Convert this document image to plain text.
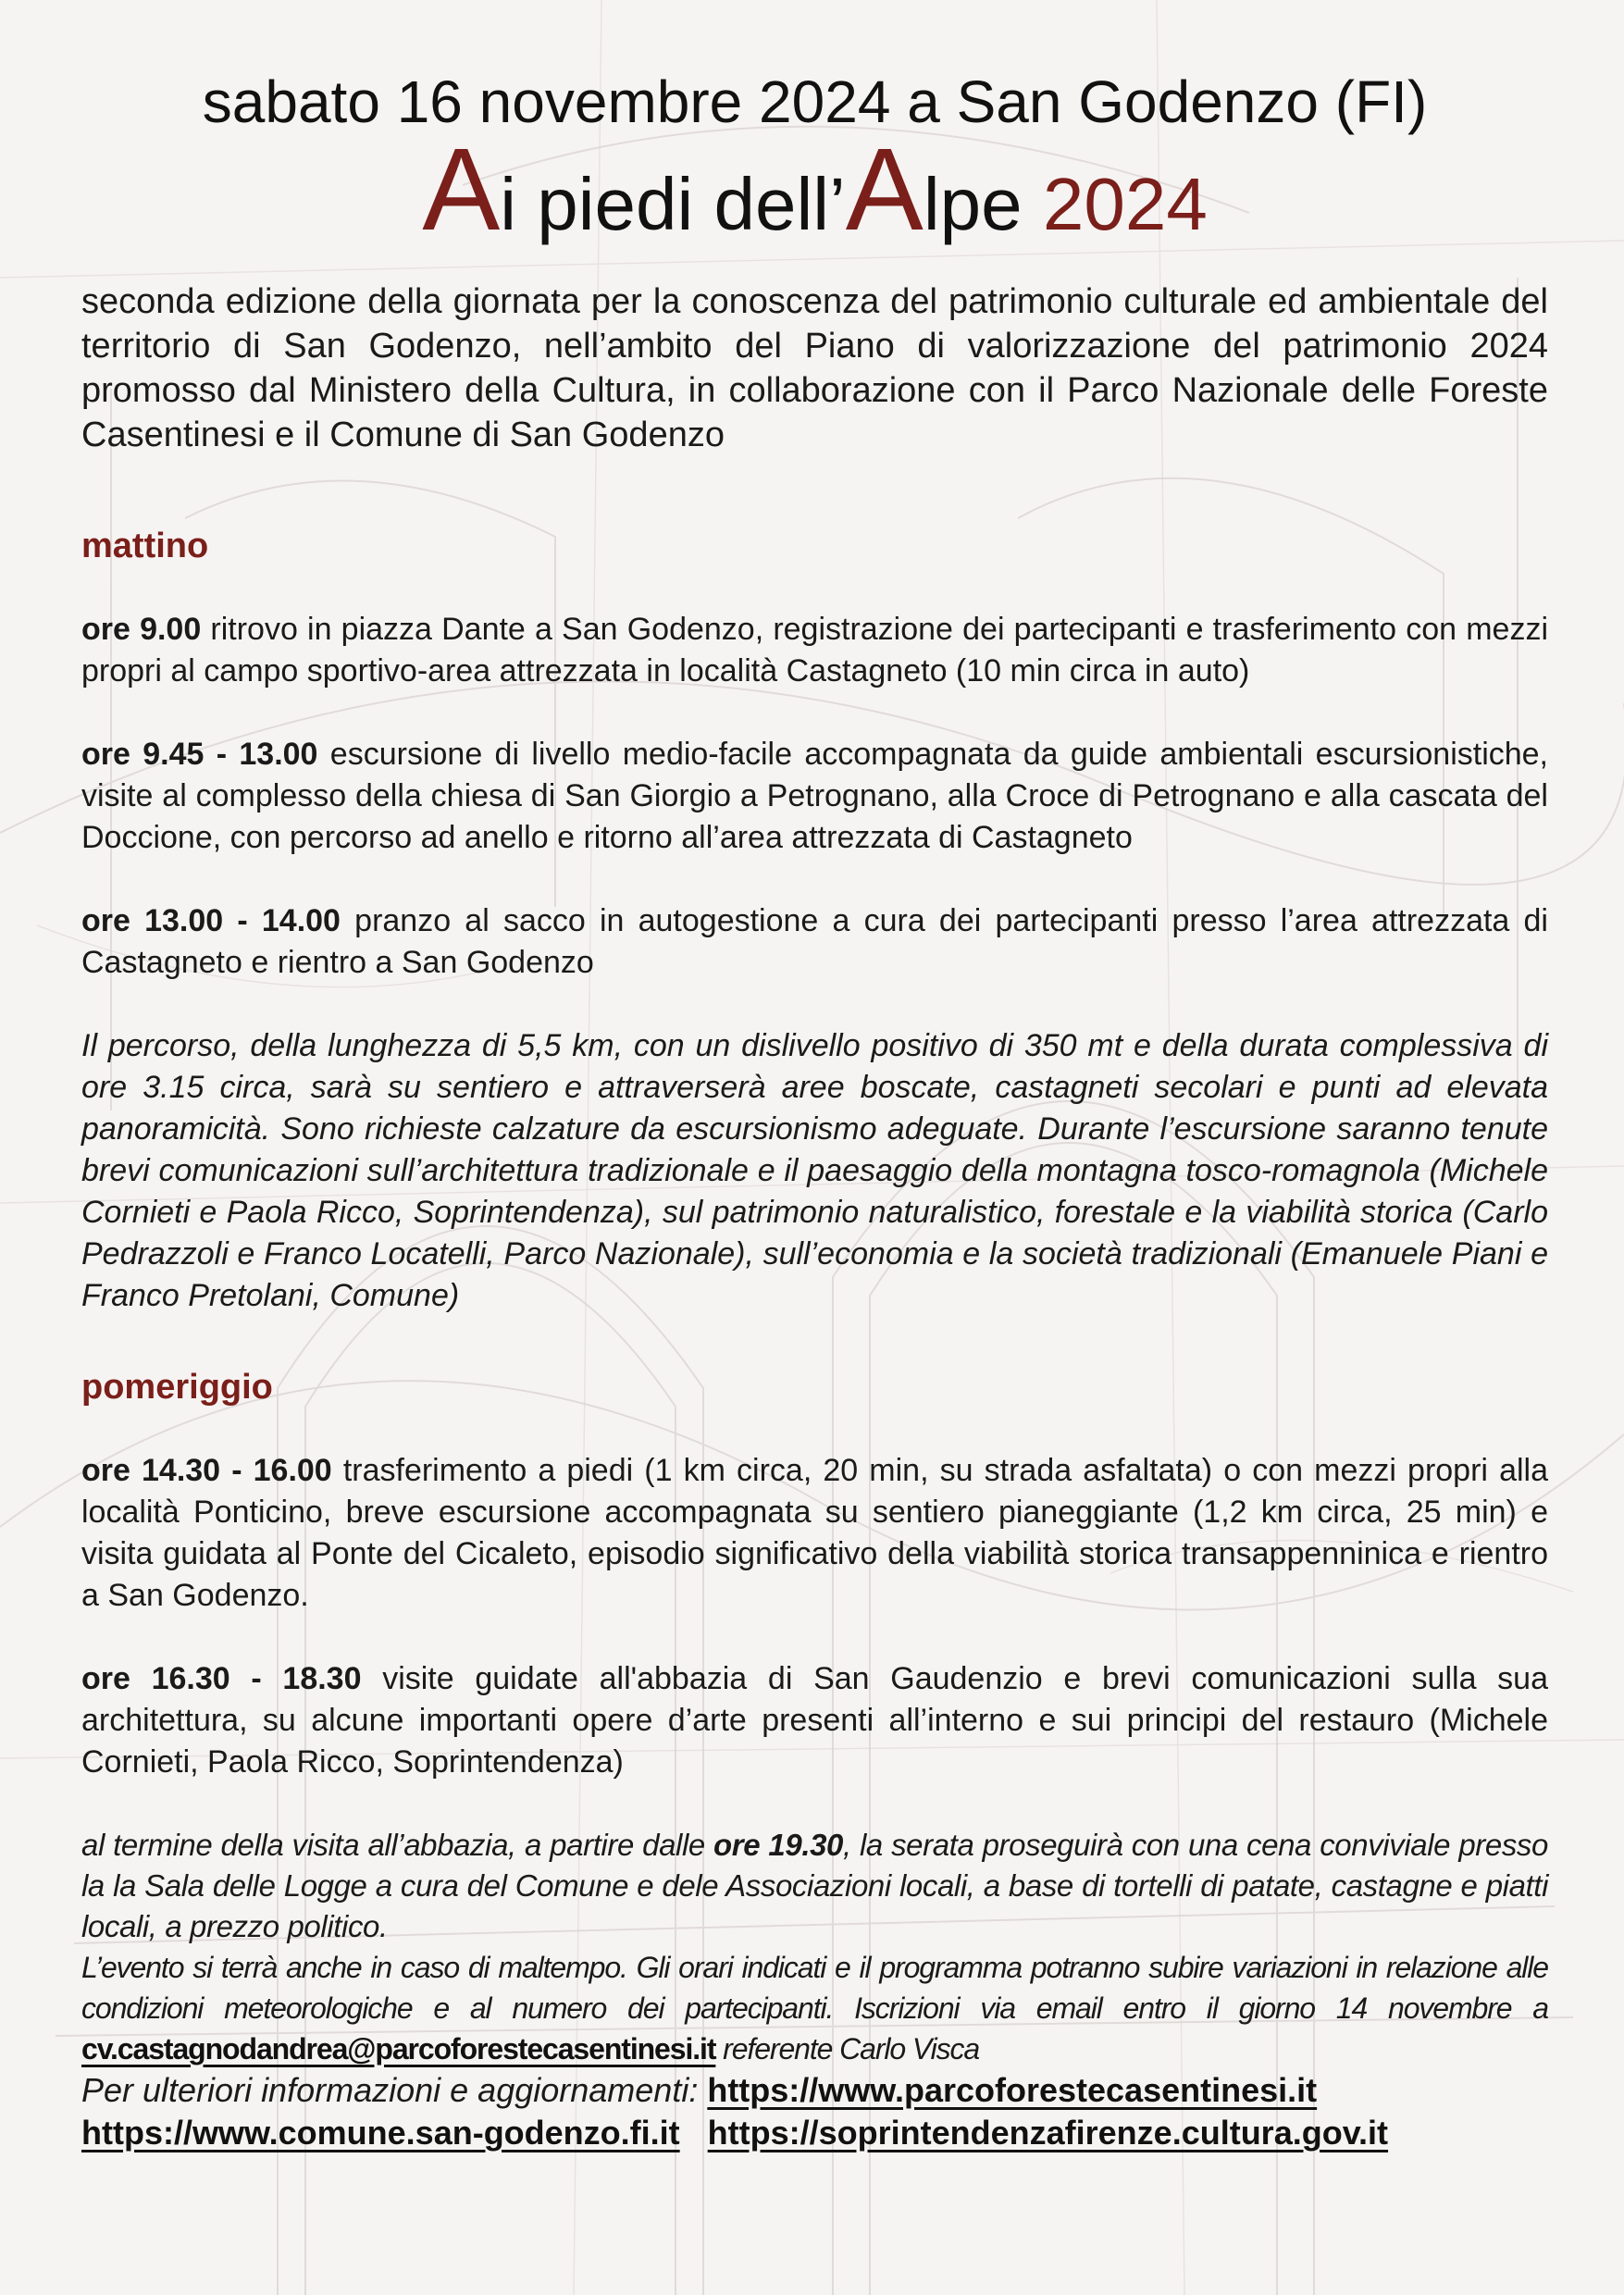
sabato 16 novembre 2024 a San Godenzo (FI)
Ai piedi dell’Alpe 2024

seconda edizione della giornata per la conoscenza del patrimonio culturale ed ambientale del territorio di San Godenzo, nell’ambito del Piano di valorizzazione del patrimonio 2024 promosso dal Ministero della Cultura, in collaborazione con il Parco Nazionale delle Foreste Casentinesi e il Comune di San Godenzo

mattino

ore 9.00 ritrovo in piazza Dante a San Godenzo, registrazione dei partecipanti e trasferimento con mezzi propri al campo sportivo-area attrezzata in località Castagneto (10 min circa in auto)

ore 9.45 - 13.00 escursione di livello medio-facile accompagnata da guide ambientali escursionistiche, visite al complesso della chiesa di San Giorgio a Petrognano, alla Croce di Petrognano e alla cascata del Doccione, con percorso ad anello e ritorno all’area attrezzata di Castagneto

ore 13.00 - 14.00 pranzo al sacco in autogestione a cura dei partecipanti presso l’area attrezzata di Castagneto e rientro a San Godenzo

Il percorso, della lunghezza di 5,5 km, con un dislivello positivo di 350 mt e della durata complessiva di ore 3.15 circa, sarà su sentiero e attraverserà aree boscate, castagneti secolari e punti ad elevata panoramicità. Sono richieste calzature da escursionismo adeguate. Durante l’escursione saranno tenute brevi comunicazioni sull’architettura tradizionale e il paesaggio della montagna tosco-romagnola (Michele Cornieti e Paola Ricco, Soprintendenza), sul patrimonio naturalistico, forestale e la viabilità storica (Carlo Pedrazzoli e Franco Locatelli, Parco Nazionale), sull’economia e la società tradizionali (Emanuele Piani e Franco Pretolani, Comune)

pomeriggio

ore 14.30 - 16.00 trasferimento a piedi (1 km circa, 20 min, su strada asfaltata) o con mezzi propri alla località Ponticino, breve escursione accompagnata su sentiero pianeggiante (1,2 km circa, 25 min) e visita guidata al Ponte del Cicaleto, episodio significativo della viabilità storica transappenninica e rientro a San Godenzo.

ore 16.30 - 18.30 visite guidate all'abbazia di San Gaudenzio e brevi comunicazioni sulla sua architettura, su alcune importanti opere d’arte presenti all’interno e sui principi del restauro (Michele Cornieti, Paola Ricco, Soprintendenza)

al termine della visita all’abbazia, a partire dalle ore 19.30, la serata proseguirà con una cena conviviale presso la la Sala delle Logge a cura del Comune e dele Associazioni locali, a base di tortelli di patate, castagne e piatti locali, a prezzo politico.

L’evento si terrà anche in caso di maltempo. Gli orari indicati e il programma potranno subire variazioni in relazione alle condizioni meteorologiche e al numero dei partecipanti. Iscrizioni via email entro il giorno 14 novembre a cv.castagnodandrea@parcoforestecasentinesi.it referente Carlo Visca

Per ulteriori informazioni e aggiornamenti: https://www.parcoforestecasentinesi.it

https://www.comune.san-godenzo.fi.it https://soprintendenzafirenze.cultura.gov.it
